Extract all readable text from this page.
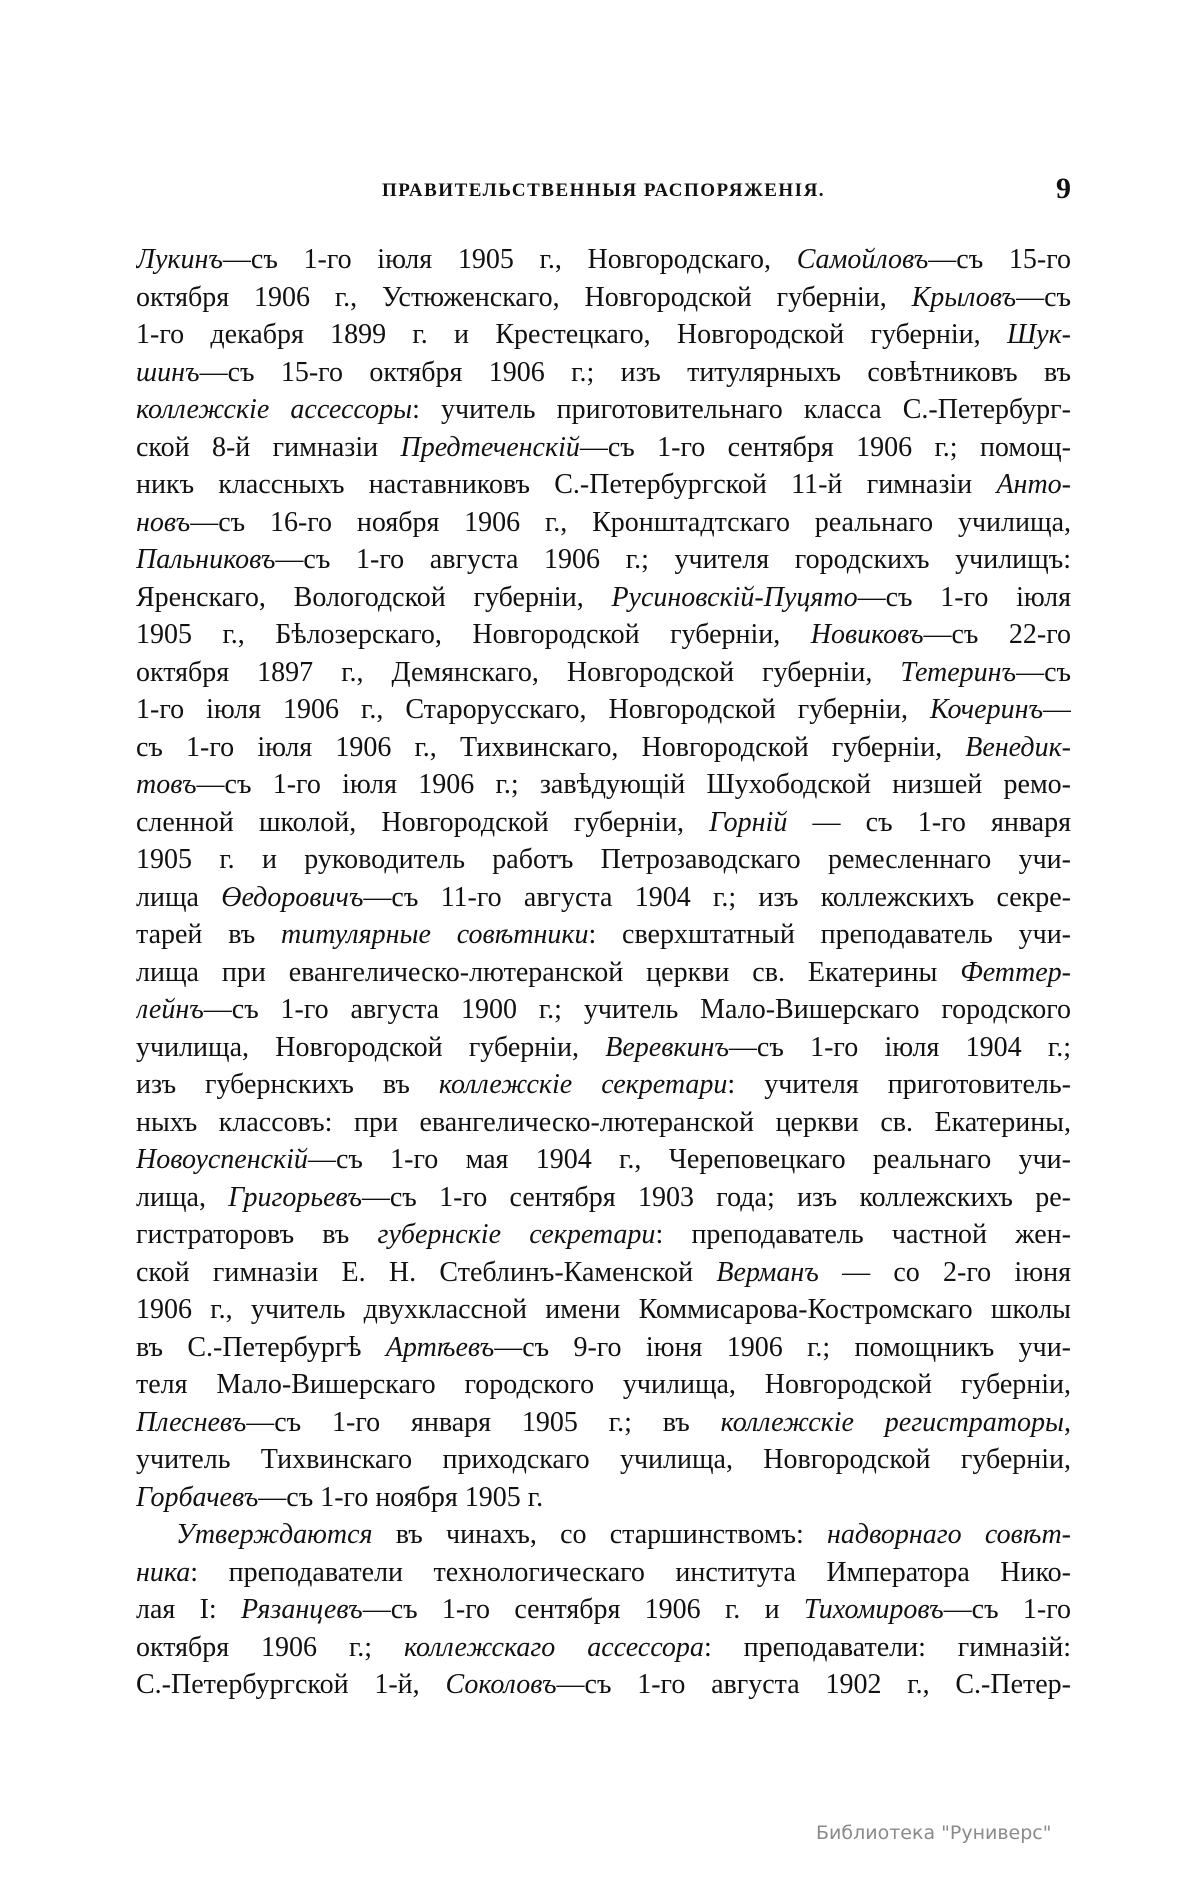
ПРАВИТЕЛЬСТВЕННЫЯ РАСПОРЯЖЕНІЯ.	9
Лукинъ—съ 1-го іюля 1905 г., Новгородскаго, Самойловъ—съ 15-го
октября 1906 г., Устюженскаго, Новгородской губерніи, Крыловъ—съ
1-го декабря 1899 г. и Крестецкаго, Новгородской губерніи, Шук-
шинъ—съ 15-го октября 1906 г.; изъ титулярныхъ совѣтниковъ въ
коллежскіе ассессоры: учитель приготовительнаго класса С.-Петербург-
ской 8-й гимназіи Предтеченскій—съ 1-го сентября 1906 г.; помощ-
никъ классныхъ наставниковъ С.-Петербургской 11-й гимназіи Анто-
новъ—съ 16-го ноября 1906 г., Кронштадтскаго реальнаго училища,
Пальниковъ—съ 1-го августа 1906 г.; учителя городскихъ училищъ:
Яренскаго, Вологодской губерніи, Русиновскій-Пуцято—съ 1-го іюля
1905 г., Бѣлозерскаго, Новгородской губерніи, Новиковъ—съ 22-го
октября 1897 г., Демянскаго, Новгородской губерніи, Тетеринъ—съ
1-го іюля 1906 г., Старорусскаго, Новгородской губерніи, Кочеринъ—
съ 1-го іюля 1906 г., Тихвинскаго, Новгородской губерніи, Венедик-
товъ—съ 1-го іюля 1906 г.; завѣдующій Шухободской низшей ремо-
сленной школой, Новгородской губерніи, Горній — съ 1-го января
1905 г. и руководитель работъ Петрозаводскаго ремесленнаго учи-
лища Өедоровичъ—съ 11-го августа 1904 г.; изъ коллежскихъ секре-
тарей въ титулярные совѣтники: сверхштатный преподаватель учи-
лища при евангелическо-лютеранской церкви св. Екатерины Феттер-
лейнъ—съ 1-го августа 1900 г.; учитель Мало-Вишерскаго городского
училища, Новгородской губерніи, Веревкинъ—съ 1-го іюля 1904 г.;
изъ губернскихъ въ коллежскіе секретари: учителя приготовитель-
ныхъ классовъ: при евангелическо-лютеранской церкви св. Екатерины,
Новоуспенскій—съ 1-го мая 1904 г., Череповецкаго реальнаго учи-
лища, Григорьевъ—съ 1-го сентября 1903 года; изъ коллежскихъ ре-
гистраторовъ въ губернскіе секретари: преподаватель частной жен-
ской гимназіи Е. Н. Стеблинъ-Каменской Верманъ — со 2-го іюня
1906 г., учитель двухклассной имени Коммисарова-Костромскаго школы
въ С.-Петербургѣ Артѣевъ—съ 9-го іюня 1906 г.; помощникъ учи-
теля Мало-Вишерскаго городского училища, Новгородской губерніи,
Плесневъ—съ 1-го января 1905 г.; въ коллежскіе регистраторы,
учитель Тихвинскаго приходскаго училища, Новгородской губерніи,
Горбачевъ—съ 1-го ноября 1905 г.
Утверждаются въ чинахъ, со старшинствомъ: надворнаго совѣт-
ника: преподаватели технологическаго института Императора Нико-
лая I: Рязанцевъ—съ 1-го сентября 1906 г. и Тихомировъ—съ 1-го
октября 1906 г.; коллежскаго ассессора: преподаватели: гимназій:
С.-Петербургской 1-й, Соколовъ—съ 1-го августа 1902 г., С.-Петер-
Библиотека "Руниверс"
